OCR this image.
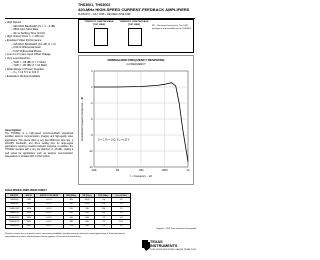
THS3001, THS3002
420-MHz HIGH-SPEED CURRENT-FEEDBACK AMPLIFIERS
SLOS217C – JULY 1998 – REVISED JUNE 1999
▪ High Speed
– 420-MHz Bandwidth (G = 1, –3 dB)
– 6500 V/µs Slew Rate
– 40-ns Settling Time (0.1%)
▪ High Output Drive, Iₒ = 100 mA
▪ Excellent Video Performance
– 115-MHz Bandwidth (0.1 dB, G = 2)
– 0.01% Differential Gain
– 0.02° Differential Phase
▪ Low 3-mV (max) Input Offset Voltage
▪ Very Low Distortion
– THD = –96 dBc (f = 1 MHz)
– THD = –80 dBc (f = 10 MHz)
▪ Wide Range of Power Supplies
– Vₛₚ = ±4.5 V to ±16 V
▪ Evaluation Module Available
THS3001 D, DGN PACKAGE (TOP VIEW)
THS3002 D, DGN PACKAGE (TOP VIEW)
NC – No internal connection. The DGN package is only available for the THS3001.
description
The THS300x is a high-speed current-feedback operational amplifier, ideal for communication, imaging, and high-quality video applications. This device offers a very fast 6500-V/µs slew rate, a 420-MHz bandwidth, and 40-ns settling time for large-signal applications requiring excellent transient response. In addition, the THS300x operates with a very low distortion of –96 dBc, making it well suited for applications such as wireless communication basestations or ultrafast ADC or DAC buffers.
NORMALIZED FREQUENCY RESPONSE
vs FREQUENCY
100k	1M	10M	100M	1G
3
0
-3
-6
-9
-12
-15
f – Frequency – Hz
Normalized Frequency Response – dB	G = 1, Rₒ = 1 kΩ, Vₛₚ = ±15 V
HIGH-SPEED AMPLIFIER FAMILY
DEVICE	ARCH.	SUPPLY VOLTAGE	BW (MHz)	SR (V/µs)	THD (dBc)	Vn (nV/√Hz)
THS3001	CFB	±15 V	420	6500	–96	1.6
THS3002	CFB	±15 V	420	6500	–96	1.6
THS4011/2	VFB	±15 V	290	310	–80	7.5
THS4021/2	VFB	±15 V	350	470	–68	1.5
THS4031/2	VFB	±15 V	100	100	–72	1.6
THS4061/2	VFB	±15 V	180	400	–72	14.5
THS4081/2	VFB	±15 V	175	230	–70	10
Please be aware that an important notice concerning availability, standard warranty, and use in critical applications of Texas Instruments semiconductor products and disclaimers thereto appears at the end of this data sheet.
Copyright © 1999, Texas Instruments Incorporated
TEXAS
INSTRUMENTS
POST OFFICE BOX 655303 • DALLAS, TEXAS 75265
